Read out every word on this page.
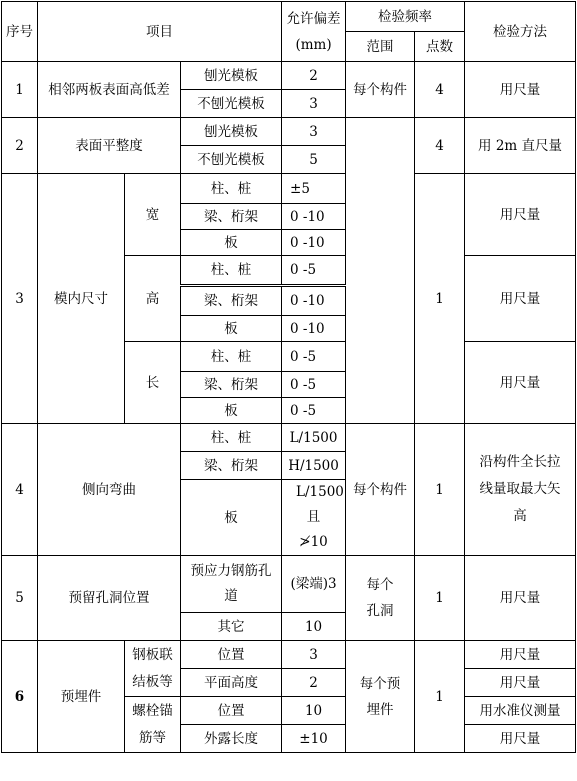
序号	项目			允许偏差(mm)	检验频率		检验方法
					范围	点数	
1	相邻两板表面高低差		刨光模板	2	每个构件	4	用尺量
			不刨光模板	3			
2	表面平整度		刨光模板	3		4	用 2m 直尺量
			不刨光模板	5			
3	模内尺寸	宽	柱、桩	±5		1	用尺量
			梁、桁架	0 -10			
			板	0 -10			
		高	柱、桩	0 -5			用尺量
			梁、桁架	0 -10			
			板	0 -10			
		长	柱、桩	0 -5			用尺量
			梁、桁架	0 -5			
			板	0 -5			
4	侧向弯曲		柱、桩	L/1500	每个构件	1	沿构件全长拉线量取最大矢高
			梁、桁架	H/1500			
			板	L/1500且≯10			
5	预留孔洞位置		预应力钢筋孔道	(梁端)3	每个孔洞	1	用尺量
			其它	10			
6	预埋件	钢板联结板等	位置	3	每个预埋件	1	用尺量
			平面高度	2			用尺量
		螺栓锚筋等	位置	10			用水准仪测量
			外露长度	±10			用尺量
